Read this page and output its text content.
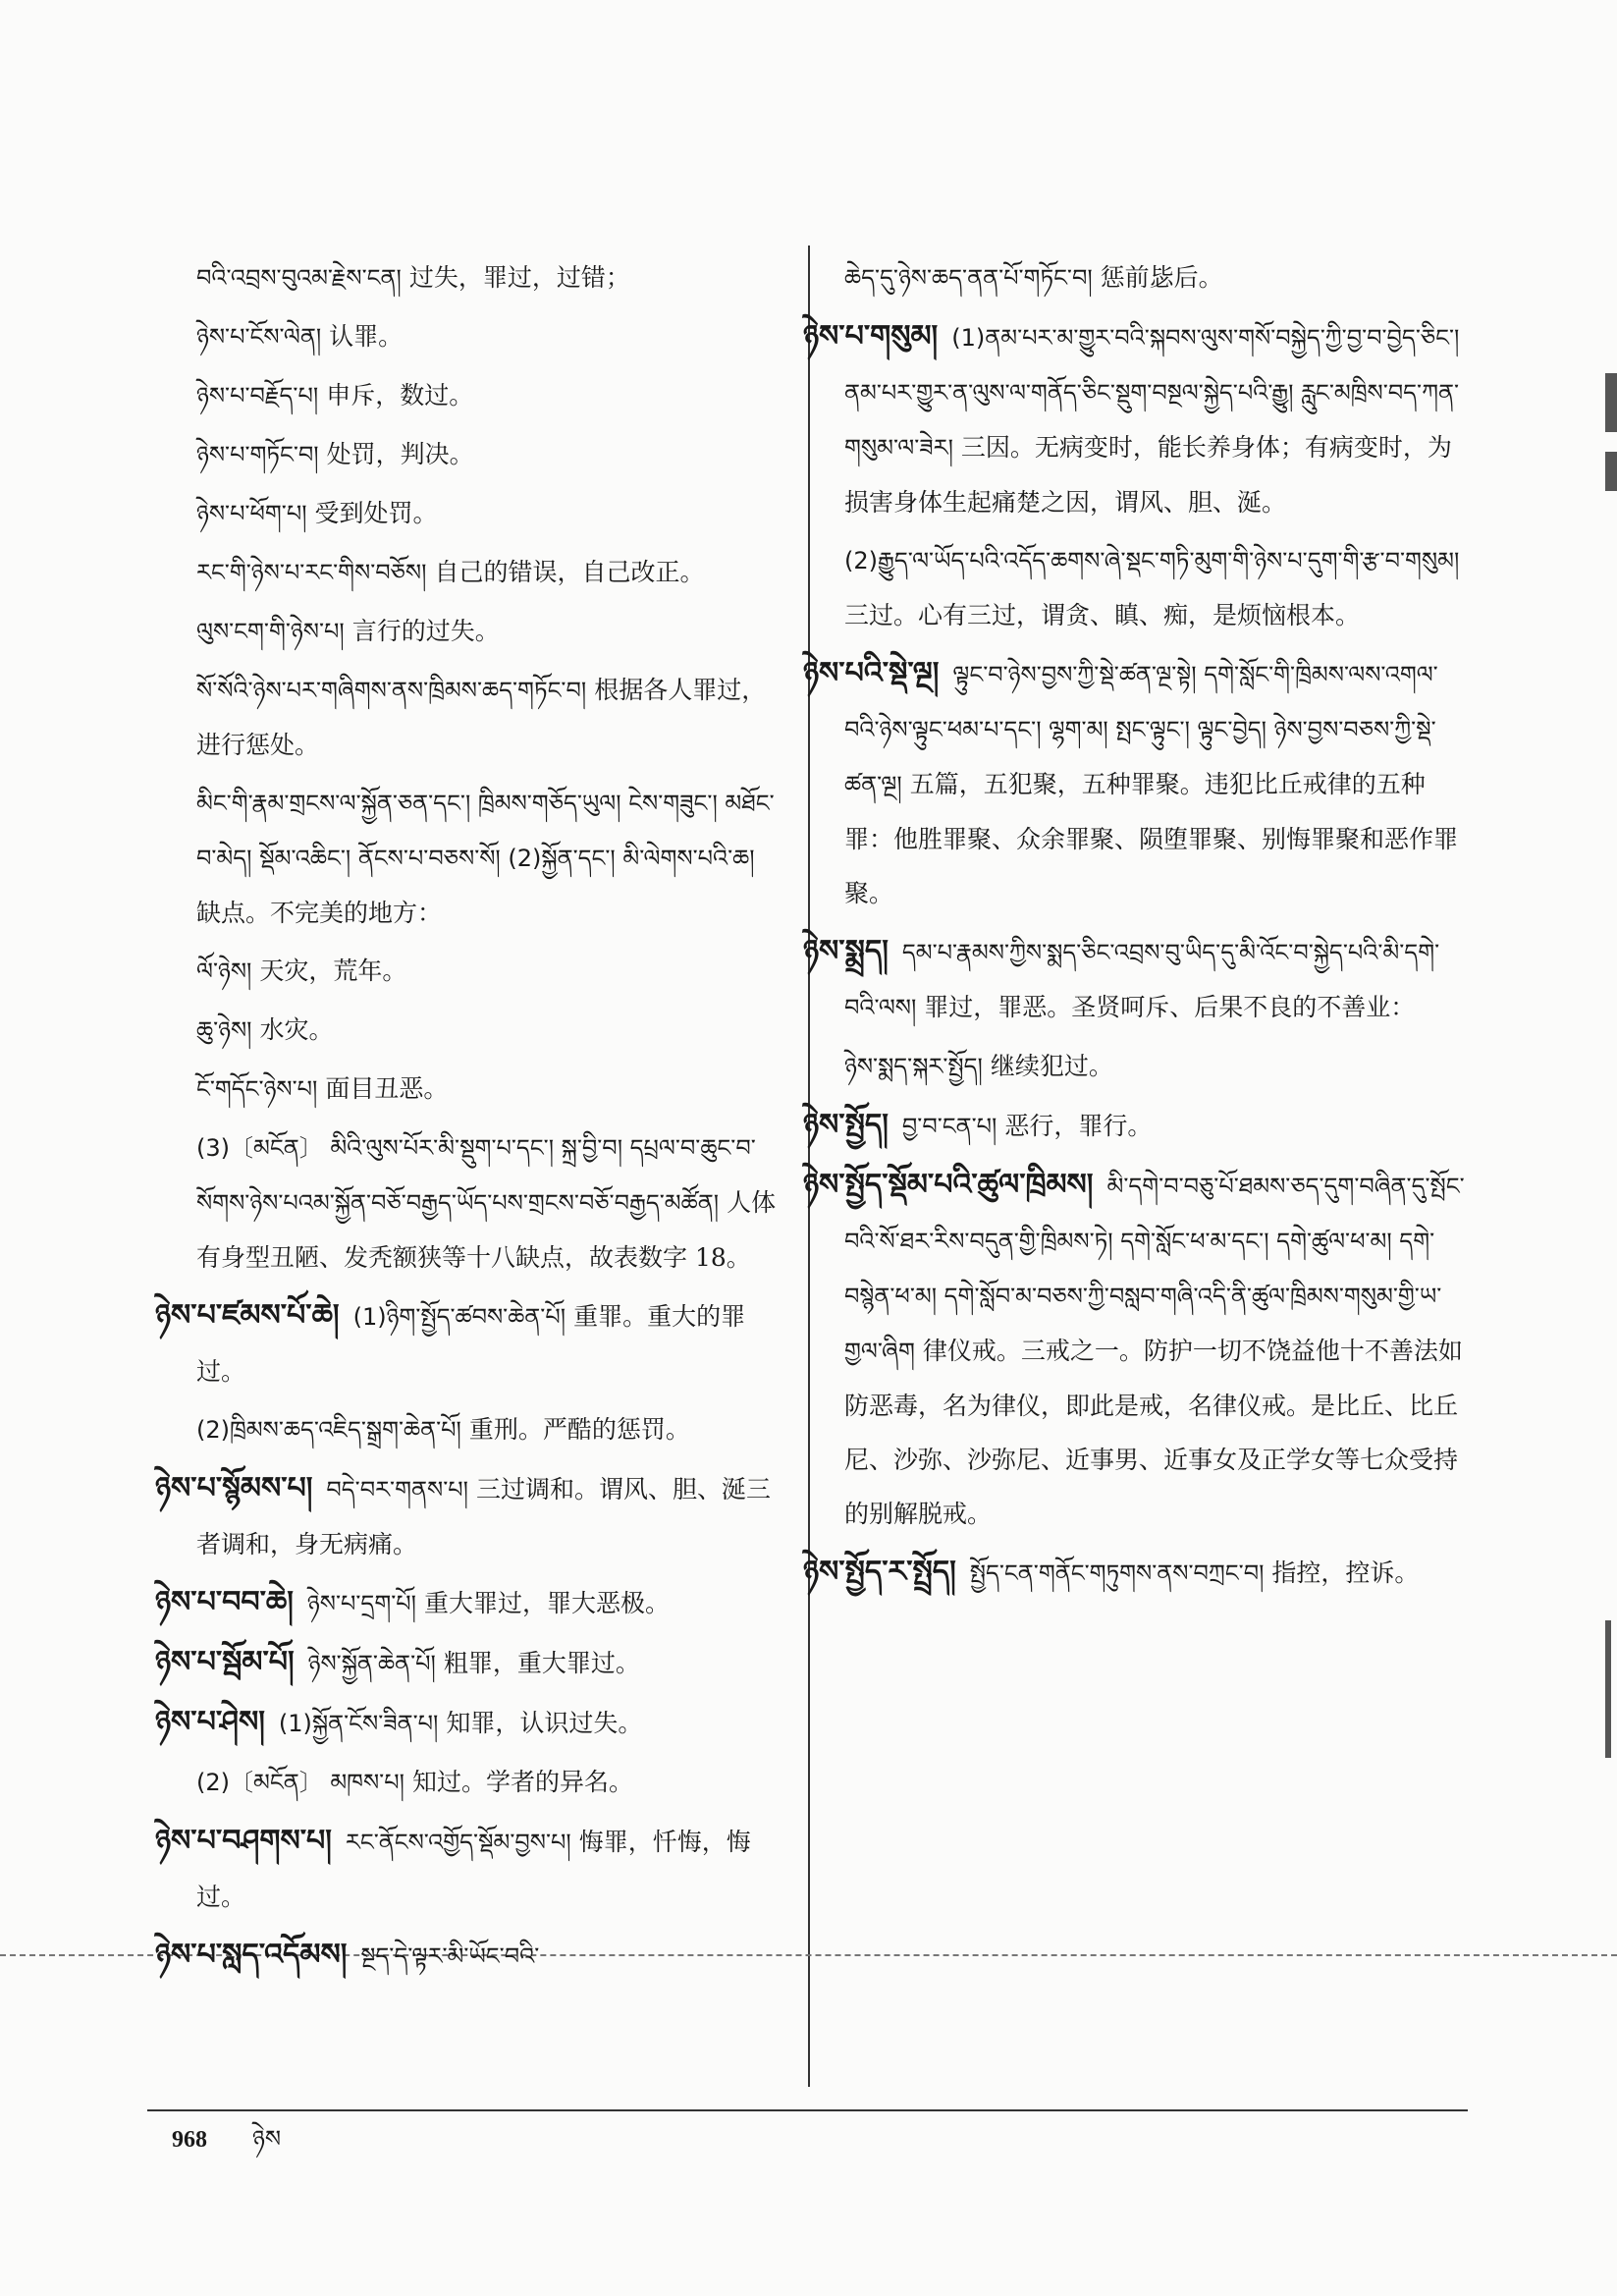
བའི་འབྲས་བུའམ་རྗེས་ངན། 过失，罪过，过错；

ཉེས་པ་ངོས་ལེན། 认罪。

ཉེས་པ་བརྗོད་པ། 申斥，数过。

ཉེས་པ་གཏོང་བ། 处罚，判决。

ཉེས་པ་ཕོག་པ། 受到处罚。

རང་གི་ཉེས་པ་རང་གིས་བཅོས། 自己的错误，自己改正。

ལུས་ངག་གི་ཉེས་པ། 言行的过失。

སོ་སོའི་ཉེས་པར་གཞིགས་ནས་ཁྲིམས་ཆད་གཏོང་བ། 根据各人罪过，进行惩处。

མིང་གི་རྣམ་གྲངས་ལ་སྐྱོན་ཅན་དང་། ཁྲིམས་གཅོད་ཡུལ། ངེས་གཟུང་། མཐོང་བ་མེད། སྡོམ་འཆིང་། ནོངས་པ་བཅས་སོ། (2)སྐྱོན་དང་། མི་ལེགས་པའི་ཆ།缺点。不完美的地方：

ལོ་ཉེས། 天灾，荒年。

ཆུ་ཉེས། 水灾。

ངོ་གདོང་ཉེས་པ། 面目丑恶。

(3)〔མངོན〕 མིའི་ལུས་པོར་མི་སྡུག་པ་དང་། སྐྲ་བྱི་བ། དཔྲལ་བ་ཆུང་བ་སོགས་ཉེས་པའམ་སྐྱོན་བཅོ་བརྒྱད་ཡོད་པས་གྲངས་བཅོ་བརྒྱད་མཚོན། 人体有身型丑陋、发秃额狭等十八缺点，故表数字 18。

ཉེས་པ་ཛམས་པོ་ཆེ། (1)ཉིག་སྤྱོད་ཚབས་ཆེན་པོ། 重罪。重大的罪过。

(2)ཁྲིམས་ཆད་འཇིད་སྒྲག་ཆེན་པོ། 重刑。严酷的惩罚。

ཉེས་པ་སྙོམས་པ། བདེ་བར་གནས་པ། 三过调和。谓风、胆、涎三者调和，身无病痛。

ཉེས་པ་བབ་ཆེ། ཉེས་པ་དྲག་པོ། 重大罪过，罪大恶极。

ཉེས་པ་སྦོམ་པོ། ཉེས་སྐྱོན་ཆེན་པོ། 粗罪，重大罪过。

ཉེས་པ་ཤེས། (1)སྐྱོན་ངོས་ཟིན་པ། 知罪，认识过失。

(2)〔མངོན〕 མཁས་པ། 知过。学者的异名。

ཉེས་པ་བཤགས་པ། རང་ནོངས་འགྱོད་སྡོམ་བྱས་པ། 悔罪，忏悔，悔过。

ཉེས་པ་སླད་འདོམས། སྔད་དེ་ལྟར་མི་ཡོང་བའི་

ཆེད་དུ་ཉེས་ཆད་ནན་པོ་གཏོང་བ། 惩前毖后。

ཉེས་པ་གསུམ། (1)ནམ་པར་མ་གྱུར་བའི་སྐབས་ལུས་གསོ་བསྐྱེད་ཀྱི་བྱ་བ་བྱེད་ཅིང་། ནམ་པར་གྱུར་ན་ལུས་ལ་གནོད་ཅིང་སྡུག་བསྔལ་སྐྱེད་པའི་རྒྱུ། རླུང་མཁྲིས་བད་ཀན་གསུམ་ལ་ཟེར། 三因。无病变时，能长养身体；有病变时，为损害身体生起痛楚之因，谓风、胆、涎。

(2)རྒྱུད་ལ་ཡོད་པའི་འདོད་ཆགས་ཞེ་སྡང་གཏི་མུག་གི་ཉེས་པ་དུག་གི་རྩ་བ་གསུམ།三过。心有三过，谓贪、瞋、痴，是烦恼根本。

ཉེས་པའི་སྡེ་ལྔ། ལྟུང་བ་ཉེས་བྱས་ཀྱི་སྡེ་ཚན་ལྔ་སྟེ། དགེ་སློང་གི་ཁྲིམས་ལས་འགལ་བའི་ཉེས་ལྟུང་ཕམ་པ་དང་། ལྷག་མ། སྤང་ལྟུང་། ལྟུང་བྱེད། ཉེས་བྱས་བཅས་ཀྱི་སྡེ་ཚན་ལྔ། 五篇，五犯聚，五种罪聚。违犯比丘戒律的五种罪：他胜罪聚、众余罪聚、陨堕罪聚、别悔罪聚和恶作罪聚。

ཉེས་སྨྲད། དམ་པ་རྣམས་ཀྱིས་སྨད་ཅིང་འབྲས་བུ་ཡིད་དུ་མི་འོང་བ་སྐྱེད་པའི་མི་དགེ་བའི་ལས། 罪过，罪恶。圣贤呵斥、后果不良的不善业：

ཉེས་སྨད་སྐར་སྤྱོད། 继续犯过。

ཉེས་སྤྱོད། བྱ་བ་ངན་པ། 恶行，罪行。

ཉེས་སྤྱོད་སྡོམ་པའི་ཚུལ་ཁྲིམས། མི་དགེ་བ་བཅུ་པོ་ཐམས་ཅད་དུག་བཞིན་དུ་སྤོང་བའི་སོ་ཐར་རིས་བདུན་གྱི་ཁྲིམས་ཏེ། དགེ་སློང་ཕ་མ་དང་། དགེ་ཚུལ་ཕ་མ། དགེ་བསྙེན་ཕ་མ། དགེ་སློབ་མ་བཅས་ཀྱི་བསླབ་གཞི་འདི་ནི་ཚུལ་ཁྲིམས་གསུམ་གྱི་ཡ་གྱལ་ཞིག 律仪戒。三戒之一。防护一切不饶益他十不善法如防恶毒，名为律仪，即此是戒，名律仪戒。是比丘、比丘尼、沙弥、沙弥尼、近事男、近事女及正学女等七众受持的别解脱戒。

ཉེས་སྤྱོད་ར་སྤྲོད། སྤྱོད་ངན་གནོང་གཏུགས་ནས་བཀྲང་བ། 指控，控诉。

968 ཉེས
